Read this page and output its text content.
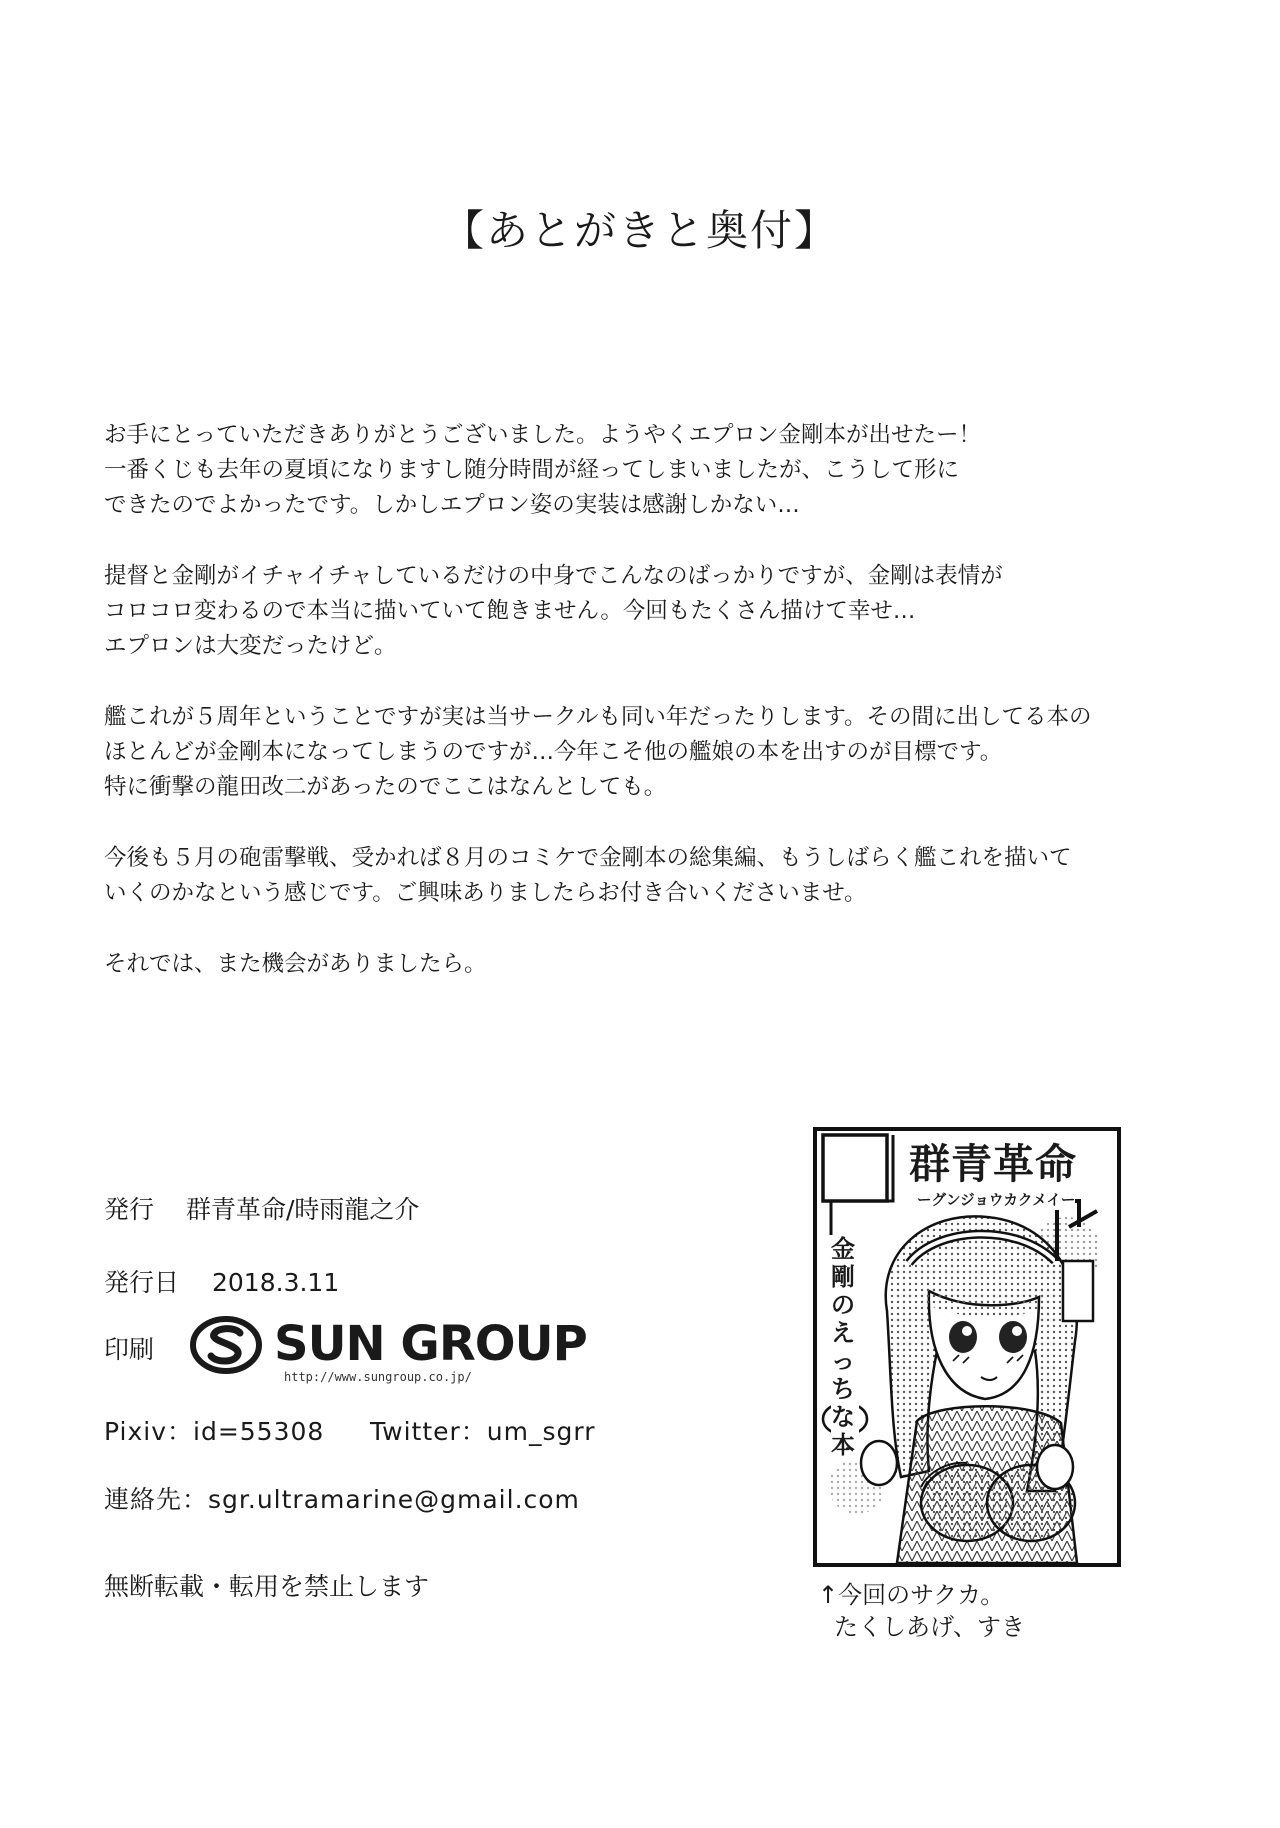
【あとがきと奥付】
お手にとっていただきありがとうございました。ようやくエプロン金剛本が出せたー！
一番くじも去年の夏頃になりますし随分時間が経ってしまいましたが、こうして形に
できたのでよかったです。しかしエプロン姿の実装は感謝しかない…
提督と金剛がイチャイチャしているだけの中身でこんなのばっかりですが、金剛は表情が
コロコロ変わるので本当に描いていて飽きません。今回もたくさん描けて幸せ…
エプロンは大変だったけど。
艦これが５周年ということですが実は当サークルも同い年だったりします。その間に出してる本の
ほとんどが金剛本になってしまうのですが…今年こそ他の艦娘の本を出すのが目標です。
特に衝撃の龍田改二があったのでここはなんとしても。
今後も５月の砲雷撃戦、受かれば８月のコミケで金剛本の総集編、もうしばらく艦これを描いて
いくのかなという感じです。ご興味ありましたらお付き合いくださいませ。
それでは、また機会がありましたら。
発行 群青革命/時雨龍之介
発行日 2018.3.11
印刷 SUN GROUP
http://www.sungroup.co.jp/
Pixiv：id=55308 Twitter：um_sgrr
連絡先：sgr.ultramarine@gmail.com
無断転載・転用を禁止します
群青革命
ーグンジョウカクメイー
金剛のえっちな本
↑今回のサクカ。
たくしあげ、すき
